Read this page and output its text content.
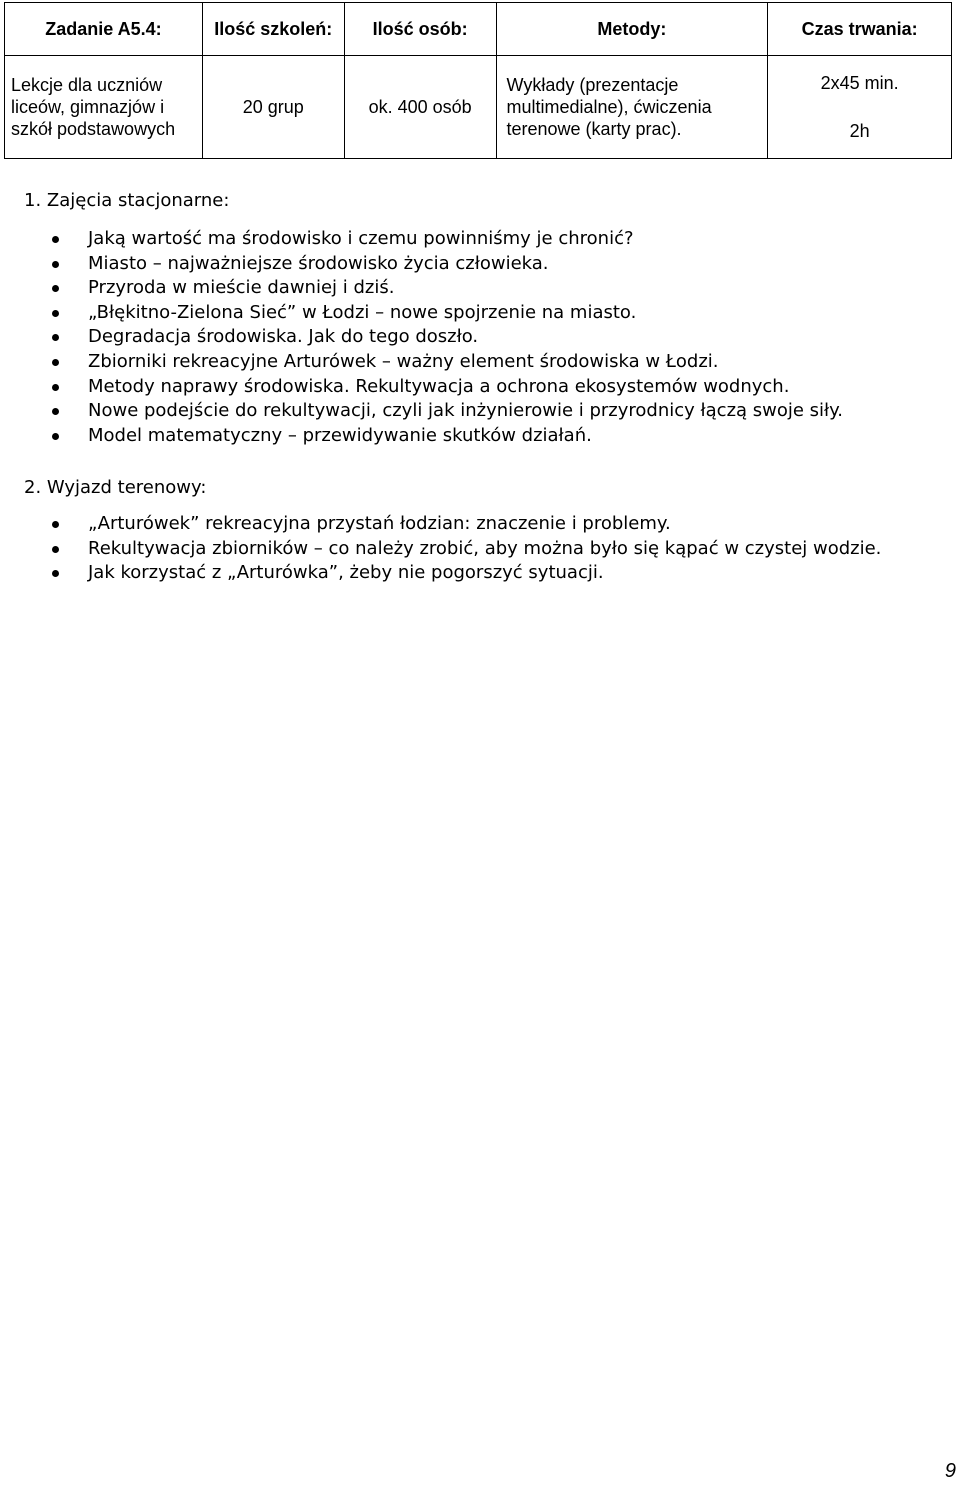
Zadanie A5.4:	Ilość szkoleń:	Ilość osób:	Metody:	Czas trwania:
Lekcje dla uczniów liceów, gimnazjów i szkół podstawowych	20 grup	ok. 400 osób	Wykłady (prezentacje multimedialne), ćwiczenia terenowe (karty prac).	2x45 min.
2h
1. Zajęcia stacjonarne:
Jaką wartość ma środowisko i czemu powinniśmy je chronić?
Miasto – najważniejsze środowisko życia człowieka.
Przyroda w mieście dawniej i dziś.
„Błękitno-Zielona Sieć” w Łodzi – nowe spojrzenie na miasto.
Degradacja środowiska. Jak do tego doszło.
Zbiorniki rekreacyjne Arturówek – ważny element środowiska w Łodzi.
Metody naprawy środowiska. Rekultywacja a ochrona ekosystemów wodnych.
Nowe podejście do rekultywacji, czyli jak inżynierowie i przyrodnicy łączą swoje siły.
Model matematyczny – przewidywanie skutków działań.
2. Wyjazd terenowy:
„Arturówek” rekreacyjna przystań łodzian: znaczenie i problemy.
Rekultywacja zbiorników – co należy zrobić, aby można było się kąpać w czystej wodzie.
Jak korzystać z „Arturówka”, żeby nie pogorszyć sytuacji.
9
